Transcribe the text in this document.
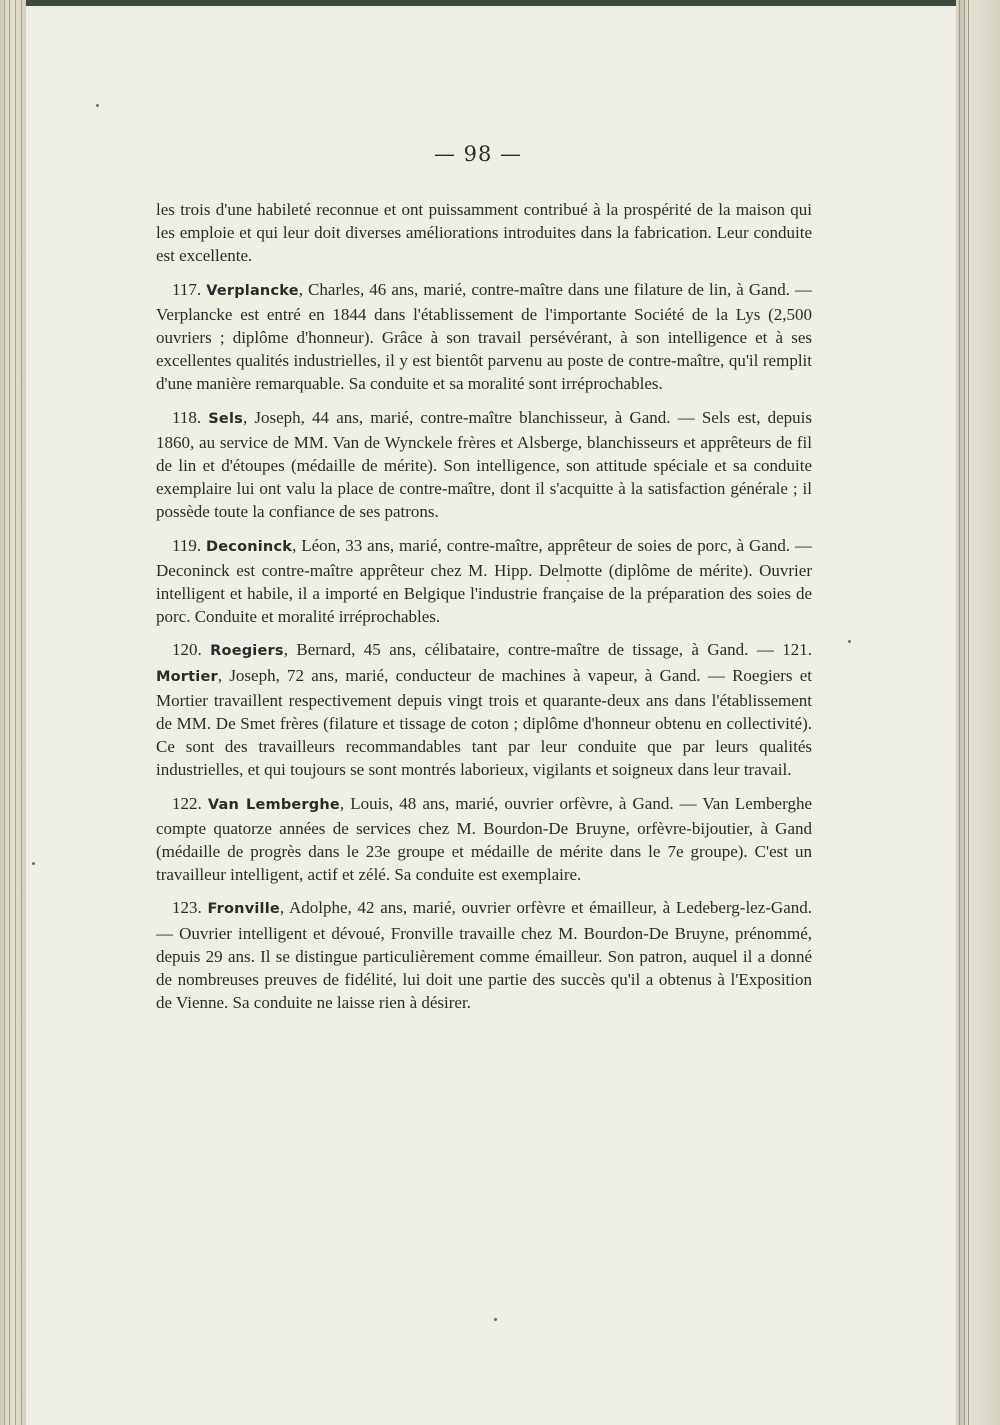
— 98 —

les trois d'une habileté reconnue et ont puissamment contribué à la prospérité de la maison qui les emploie et qui leur doit diverses améliorations introduites dans la fabrication. Leur conduite est excellente.

117. Verplancke, Charles, 46 ans, marié, contre-maître dans une filature de lin, à Gand. — Verplancke est entré en 1844 dans l'établissement de l'importante Société de la Lys (2,500 ouvriers ; diplôme d'honneur). Grâce à son travail persévérant, à son intelligence et à ses excellentes qualités industrielles, il y est bientôt parvenu au poste de contre-maître, qu'il remplit d'une manière remarquable. Sa conduite et sa moralité sont irréprochables.

118. Sels, Joseph, 44 ans, marié, contre-maître blanchisseur, à Gand. — Sels est, depuis 1860, au service de MM. Van de Wynckele frères et Alsberge, blanchisseurs et apprêteurs de fil de lin et d'étoupes (médaille de mérite). Son intelligence, son attitude spéciale et sa conduite exemplaire lui ont valu la place de contre-maître, dont il s'acquitte à la satisfaction générale ; il possède toute la confiance de ses patrons.

119. Deconinck, Léon, 33 ans, marié, contre-maître, apprêteur de soies de porc, à Gand. — Deconinck est contre-maître apprêteur chez M. Hipp. Delmotte (diplôme de mérite). Ouvrier intelligent et habile, il a importé en Belgique l'industrie française de la préparation des soies de porc. Conduite et moralité irréprochables.

120. Roegiers, Bernard, 45 ans, célibataire, contre-maître de tissage, à Gand. — 121. Mortier, Joseph, 72 ans, marié, conducteur de machines à vapeur, à Gand. — Roegiers et Mortier travaillent respectivement depuis vingt trois et quarante-deux ans dans l'établissement de MM. De Smet frères (filature et tissage de coton ; diplôme d'honneur obtenu en collectivité). Ce sont des travailleurs recommandables tant par leur conduite que par leurs qualités industrielles, et qui toujours se sont montrés laborieux, vigilants et soigneux dans leur travail.

122. Van Lemberghe, Louis, 48 ans, marié, ouvrier orfèvre, à Gand. — Van Lemberghe compte quatorze années de services chez M. Bourdon-De Bruyne, orfèvre-bijoutier, à Gand (médaille de progrès dans le 23e groupe et médaille de mérite dans le 7e groupe). C'est un travailleur intelligent, actif et zélé. Sa conduite est exemplaire.

123. Fronville, Adolphe, 42 ans, marié, ouvrier orfèvre et émailleur, à Ledeberg-lez-Gand. — Ouvrier intelligent et dévoué, Fronville travaille chez M. Bourdon-De Bruyne, prénommé, depuis 29 ans. Il se distingue particulièrement comme émailleur. Son patron, auquel il a donné de nombreuses preuves de fidélité, lui doit une partie des succès qu'il a obtenus à l'Exposition de Vienne. Sa conduite ne laisse rien à désirer.
